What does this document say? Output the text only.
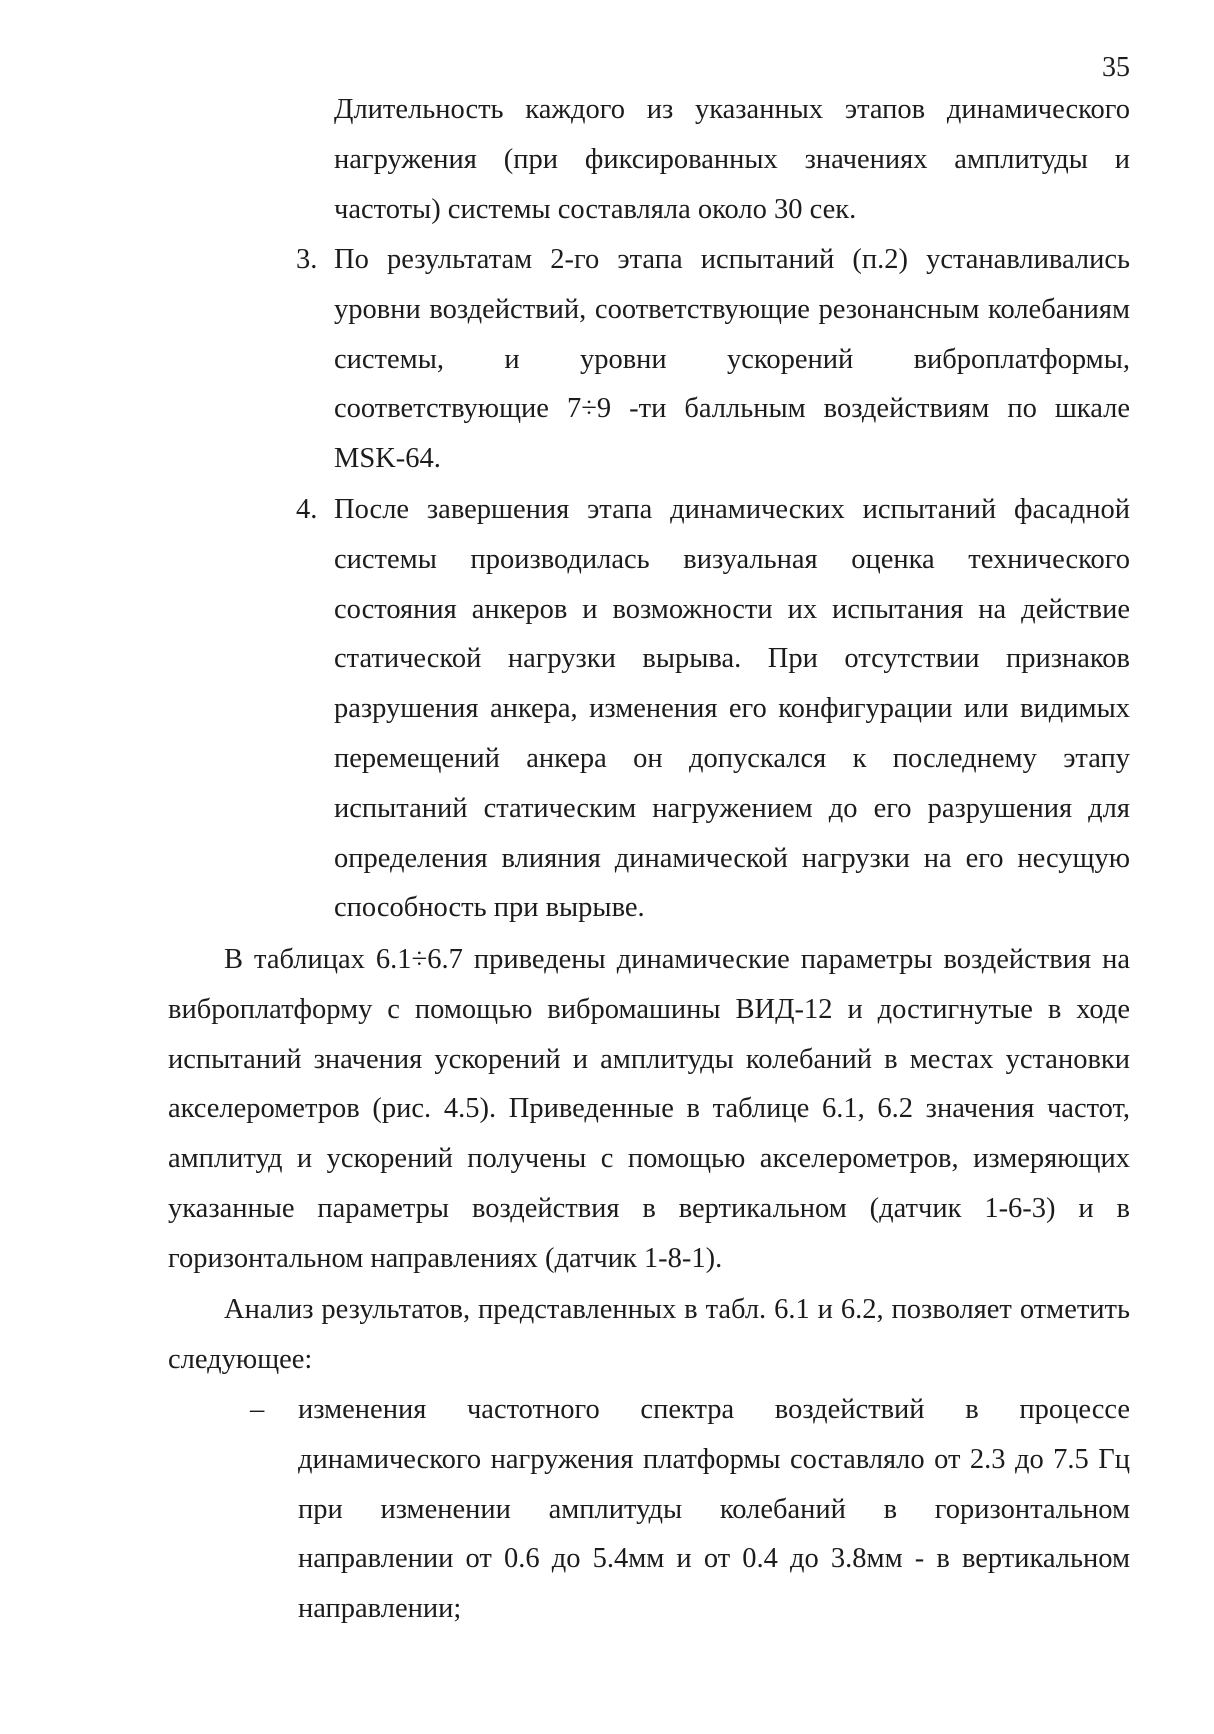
35
Длительность каждого из указанных этапов динамического нагружения (при фиксированных значениях амплитуды и частоты) системы составляла около 30 сек.
3. По результатам 2-го этапа испытаний (п.2) устанавливались уровни воздействий, соответствующие резонансным колебаниям системы, и уровни ускорений виброплатформы, соответствующие 7÷9 -ти балльным воздействиям по шкале MSK-64.
4. После завершения этапа динамических испытаний фасадной системы производилась визуальная оценка технического состояния анкеров и возможности их испытания на действие статической нагрузки вырыва. При отсутствии признаков разрушения анкера, изменения его конфигурации или видимых перемещений анкера он допускался к последнему этапу испытаний статическим нагружением до его разрушения для определения влияния динамической нагрузки на его несущую способность при вырыве.
В таблицах 6.1÷6.7 приведены динамические параметры воздействия на виброплатформу с помощью вибромашины ВИД-12 и достигнутые в ходе испытаний значения ускорений и амплитуды колебаний в местах установки акселерометров (рис. 4.5). Приведенные в таблице 6.1, 6.2 значения частот, амплитуд и ускорений получены с помощью акселерометров, измеряющих указанные параметры воздействия в вертикальном (датчик 1-6-3) и в горизонтальном направлениях (датчик 1-8-1).
Анализ результатов, представленных в табл. 6.1 и 6.2, позволяет отметить следующее:
– изменения частотного спектра воздействий в процессе динамического нагружения платформы составляло от 2.3 до 7.5 Гц при изменении амплитуды колебаний в горизонтальном направлении от 0.6 до 5.4мм и от 0.4 до 3.8мм - в вертикальном направлении;
